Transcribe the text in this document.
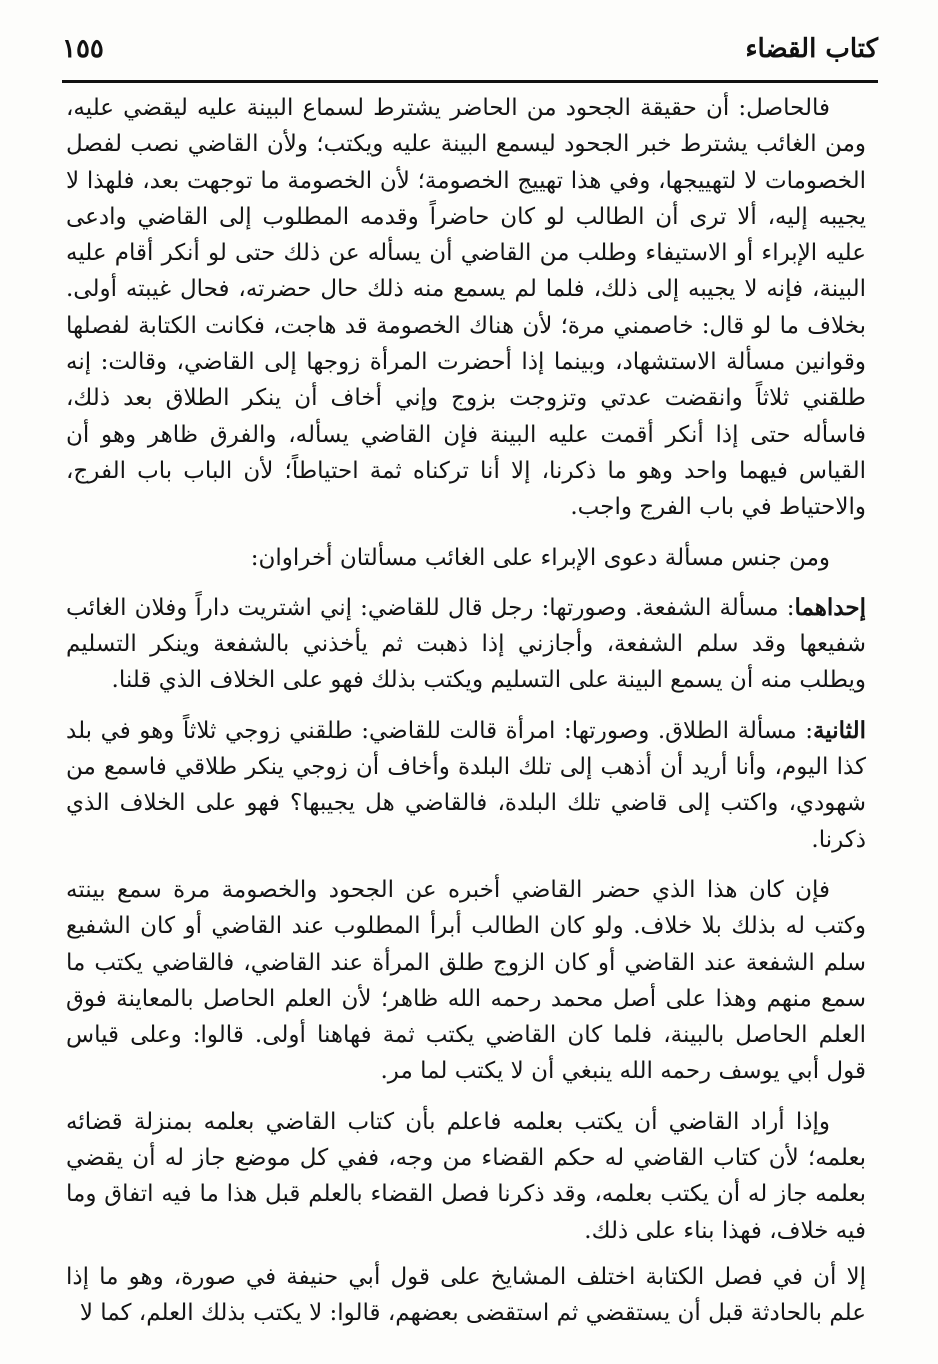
كتاب القضاء
١٥٥

فالحاصل: أن حقيقة الجحود من الحاضر يشترط لسماع البينة عليه ليقضي عليه، ومن الغائب يشترط خبر الجحود ليسمع البينة عليه ويكتب؛ ولأن القاضي نصب لفصل الخصومات لا لتهييجها، وفي هذا تهييج الخصومة؛ لأن الخصومة ما توجهت بعد، فلهذا لا يجيبه إليه، ألا ترى أن الطالب لو كان حاضراً وقدمه المطلوب إلى القاضي وادعى عليه الإبراء أو الاستيفاء وطلب من القاضي أن يسأله عن ذلك حتى لو أنكر أقام عليه البينة، فإنه لا يجيبه إلى ذلك، فلما لم يسمع منه ذلك حال حضرته، فحال غيبته أولى. بخلاف ما لو قال: خاصمني مرة؛ لأن هناك الخصومة قد هاجت، فكانت الكتابة لفصلها وقوانين مسألة الاستشهاد، وبينما إذا أحضرت المرأة زوجها إلى القاضي، وقالت: إنه طلقني ثلاثاً وانقضت عدتي وتزوجت بزوج وإني أخاف أن ينكر الطلاق بعد ذلك، فاسأله حتى إذا أنكر أقمت عليه البينة فإن القاضي يسأله، والفرق ظاهر وهو أن القياس فيهما واحد وهو ما ذكرنا، إلا أنا تركناه ثمة احتياطاً؛ لأن الباب باب الفرج، والاحتياط في باب الفرج واجب.

ومن جنس مسألة دعوى الإبراء على الغائب مسألتان أخراوان:

إحداهما: مسألة الشفعة. وصورتها: رجل قال للقاضي: إني اشتريت داراً وفلان الغائب شفيعها وقد سلم الشفعة، وأجازني إذا ذهبت ثم يأخذني بالشفعة وينكر التسليم ويطلب منه أن يسمع البينة على التسليم ويكتب بذلك فهو على الخلاف الذي قلنا.

الثانية: مسألة الطلاق. وصورتها: امرأة قالت للقاضي: طلقني زوجي ثلاثاً وهو في بلد كذا اليوم، وأنا أريد أن أذهب إلى تلك البلدة وأخاف أن زوجي ينكر طلاقي فاسمع من شهودي، واكتب إلى قاضي تلك البلدة، فالقاضي هل يجيبها؟ فهو على الخلاف الذي ذكرنا.

فإن كان هذا الذي حضر القاضي أخبره عن الجحود والخصومة مرة سمع بينته وكتب له بذلك بلا خلاف. ولو كان الطالب أبرأ المطلوب عند القاضي أو كان الشفيع سلم الشفعة عند القاضي أو كان الزوج طلق المرأة عند القاضي، فالقاضي يكتب ما سمع منهم وهذا على أصل محمد رحمه الله ظاهر؛ لأن العلم الحاصل بالمعاينة فوق العلم الحاصل بالبينة، فلما كان القاضي يكتب ثمة فهاهنا أولى. قالوا: وعلى قياس قول أبي يوسف رحمه الله ينبغي أن لا يكتب لما مر.

وإذا أراد القاضي أن يكتب بعلمه فاعلم بأن كتاب القاضي بعلمه بمنزلة قضائه بعلمه؛ لأن كتاب القاضي له حكم القضاء من وجه، ففي كل موضع جاز له أن يقضي بعلمه جاز له أن يكتب بعلمه، وقد ذكرنا فصل القضاء بالعلم قبل هذا ما فيه اتفاق وما فيه خلاف، فهذا بناء على ذلك.

إلا أن في فصل الكتابة اختلف المشايخ على قول أبي حنيفة في صورة، وهو ما إذا علم بالحادثة قبل أن يستقضي ثم استقضى بعضهم، قالوا: لا يكتب بذلك العلم، كما لا
